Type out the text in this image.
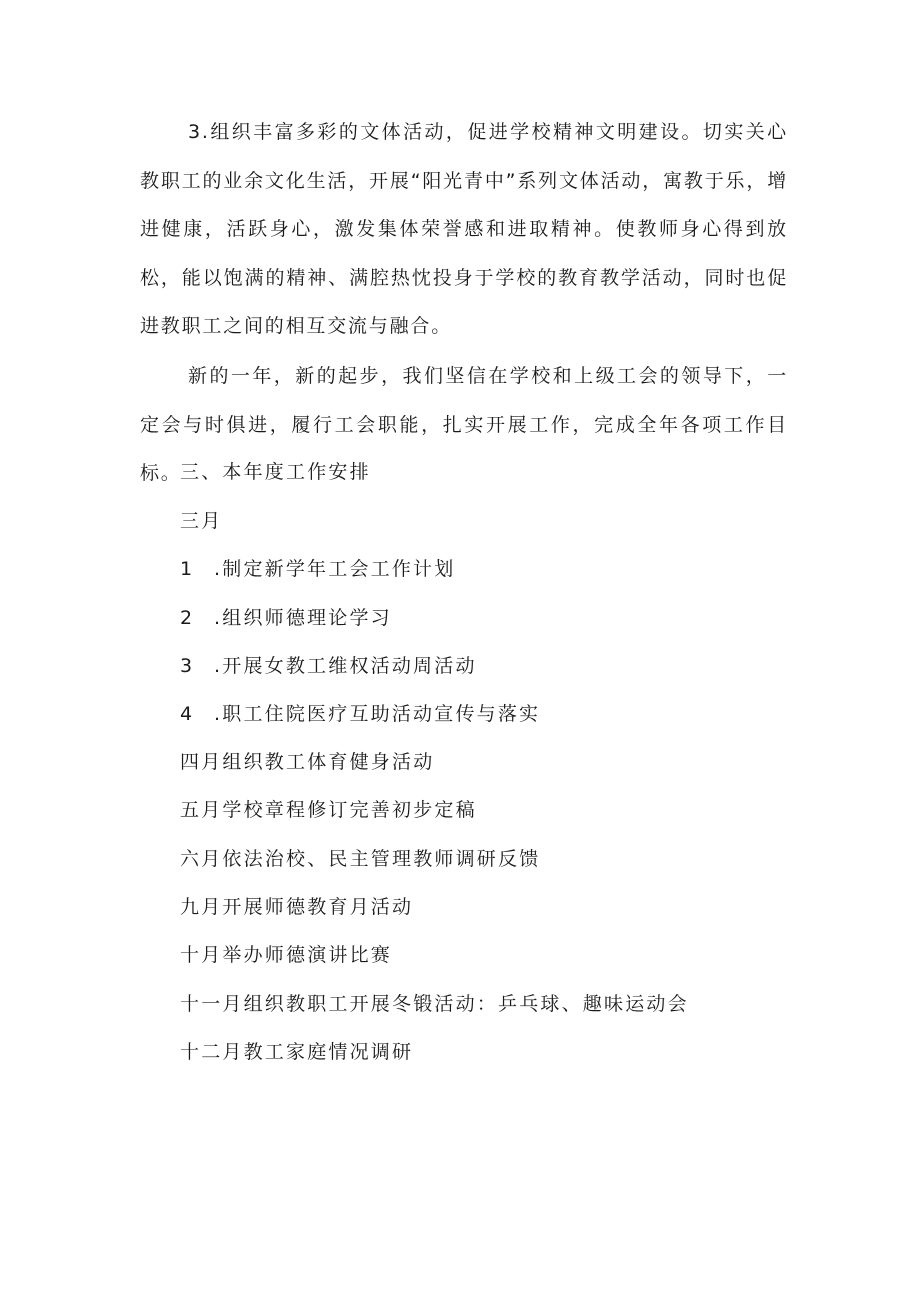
3.组织丰富多彩的文体活动，促进学校精神文明建设。切实关心教职工的业余文化生活，开展“阳光青中”系列文体活动，寓教于乐，增进健康，活跃身心，激发集体荣誉感和进取精神。使教师身心得到放松，能以饱满的精神、满腔热忱投身于学校的教育教学活动，同时也促进教职工之间的相互交流与融合。

新的一年，新的起步，我们坚信在学校和上级工会的领导下，一定会与时俱进，履行工会职能，扎实开展工作，完成全年各项工作目标。

三、本年度工作安排
三月
1 .制定新学年工会工作计划
2 .组织师德理论学习
3 .开展女教工维权活动周活动
4 .职工住院医疗互助活动宣传与落实
四月组织教工体育健身活动
五月学校章程修订完善初步定稿
六月依法治校、民主管理教师调研反馈
九月开展师德教育月活动
十月举办师德演讲比赛
十一月组织教职工开展冬锻活动：乒乓球、趣味运动会
十二月教工家庭情况调研
